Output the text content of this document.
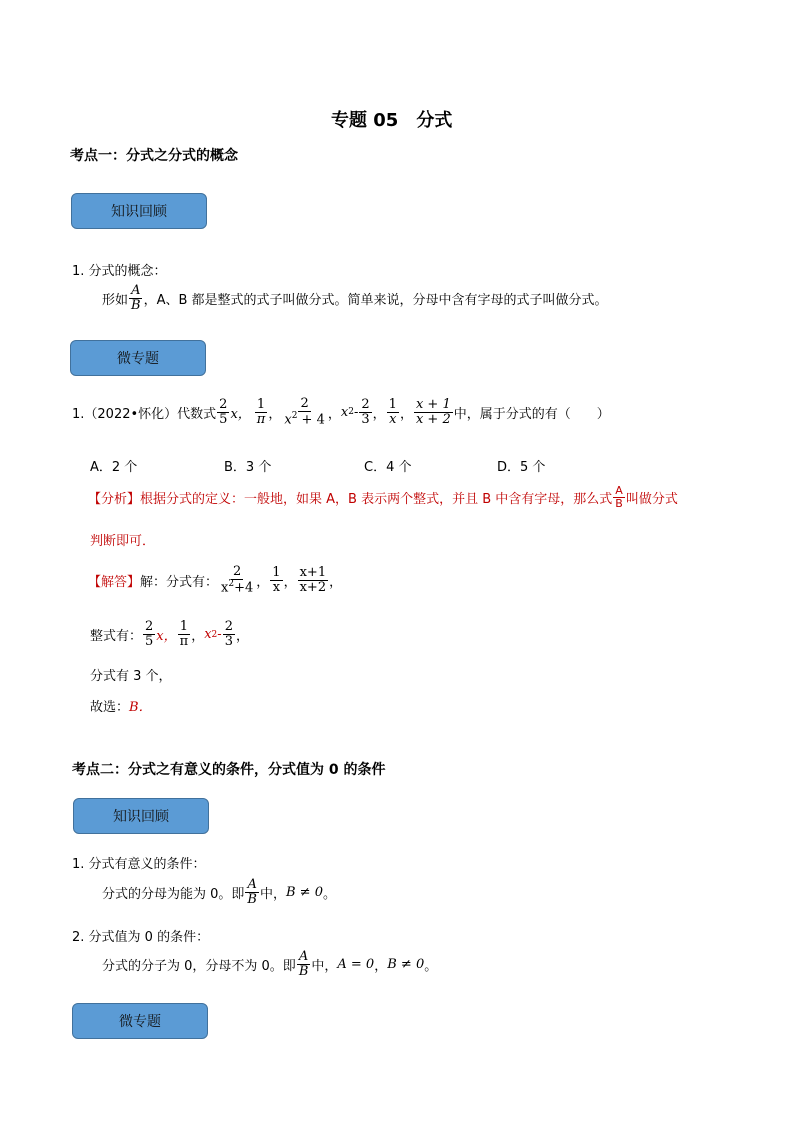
专题 05　分式
考点一：分式之分式的概念
知识回顾
1. 分式的概念：
形如 $\frac{A}{B}$ ，A、B 都是整式的式子叫做分式。简单来说，分母中含有字母的式子叫做分式。
微专题
1.（2022•怀化）代数式 $\frac{2}{5}$ x， $\frac{1}{\pi}$ ， $\frac{2}{x^2 + 4}$ ， x $2 - \frac{2}{3}$ ， $\frac{1}{x}$ ， $\frac{x + 1}{x + 2}$ 中，属于分式的有（　　）
A．2 个	B．3 个	C．4 个	D．5 个
【分析】 根据分式的定义：一般地，如果 A，B 表示两个整式，并且 B 中含有字母，那么式 $\frac{A}{B}$ 叫做分式
判断即可．
【解答】 解：分式有： $\frac{2}{x^2+4}$ ， $\frac{1}{x}$ ， $\frac{x+1}{x+2}$ ，
整式有： $\frac{2}{5}$ x， $\frac{1}{\pi}$ ， x $2 - \frac{2}{3}$ ，
分式有 3 个，
故选： B．
考点二：分式之有意义的条件，分式值为 0 的条件
知识回顾
1. 分式有意义的条件：
分式的分母为能为 0。即 $\frac{A}{B}$ 中， B ≠ 0 。
2. 分式值为 0 的条件：
分式的分子为 0，分母不为 0。即 $\frac{A}{B}$ 中， A = 0 ， B ≠ 0 。
微专题
